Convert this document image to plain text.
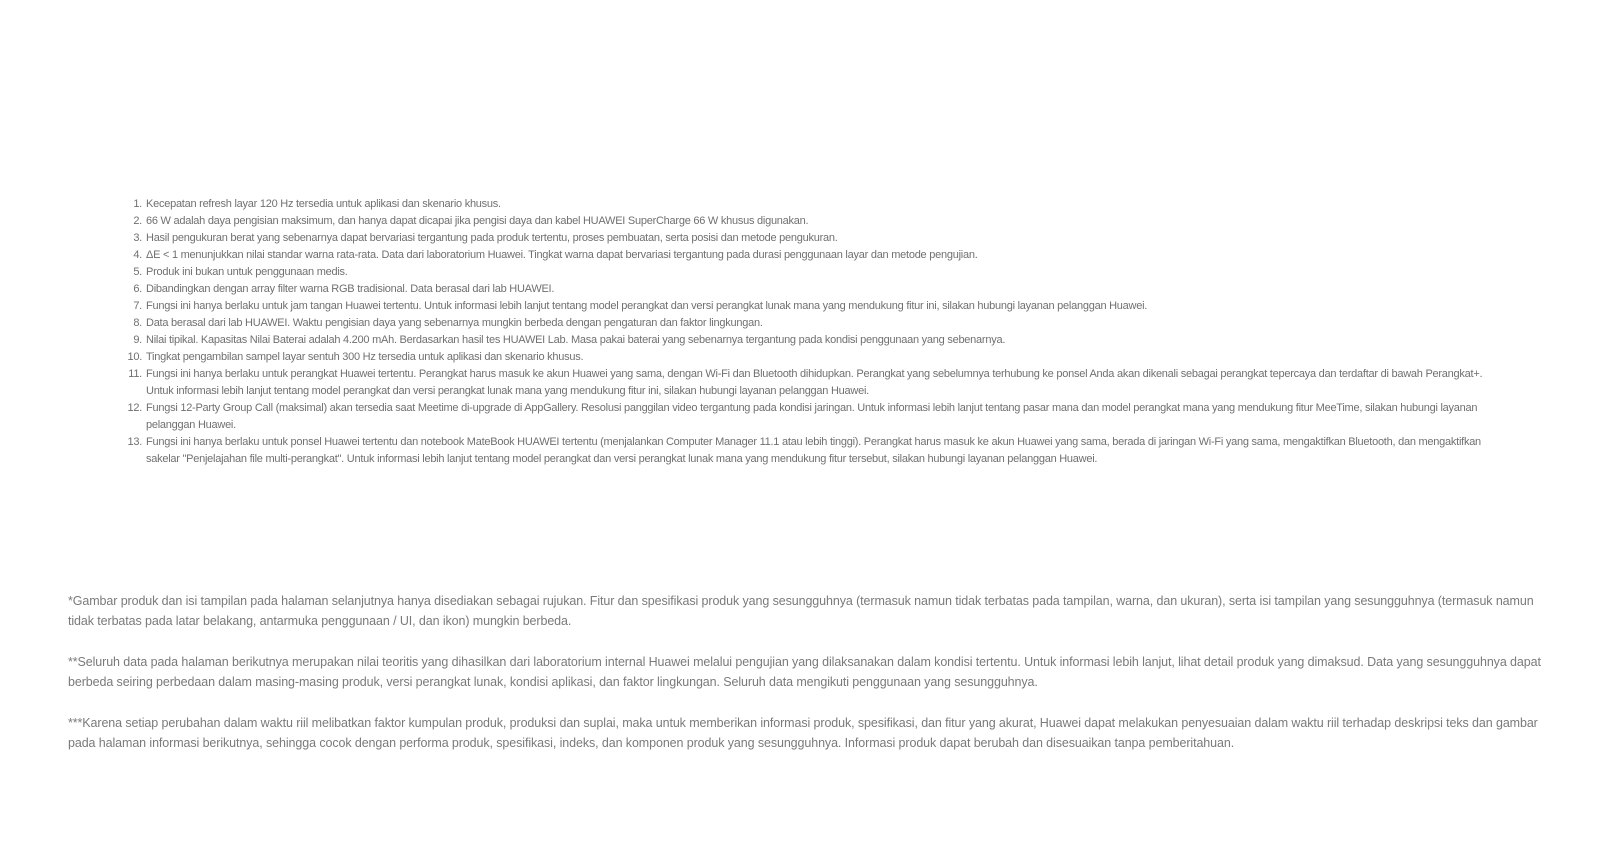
1. Kecepatan refresh layar 120 Hz tersedia untuk aplikasi dan skenario khusus.
2. 66 W adalah daya pengisian maksimum, dan hanya dapat dicapai jika pengisi daya dan kabel HUAWEI SuperCharge 66 W khusus digunakan.
3. Hasil pengukuran berat yang sebenarnya dapat bervariasi tergantung pada produk tertentu, proses pembuatan, serta posisi dan metode pengukuran.
4. ΔE < 1 menunjukkan nilai standar warna rata-rata. Data dari laboratorium Huawei. Tingkat warna dapat bervariasi tergantung pada durasi penggunaan layar dan metode pengujian.
5. Produk ini bukan untuk penggunaan medis.
6. Dibandingkan dengan array filter warna RGB tradisional. Data berasal dari lab HUAWEI.
7. Fungsi ini hanya berlaku untuk jam tangan Huawei tertentu. Untuk informasi lebih lanjut tentang model perangkat dan versi perangkat lunak mana yang mendukung fitur ini, silakan hubungi layanan pelanggan Huawei.
8. Data berasal dari lab HUAWEI. Waktu pengisian daya yang sebenarnya mungkin berbeda dengan pengaturan dan faktor lingkungan.
9. Nilai tipikal. Kapasitas Nilai Baterai adalah 4.200 mAh. Berdasarkan hasil tes HUAWEI Lab. Masa pakai baterai yang sebenarnya tergantung pada kondisi penggunaan yang sebenarnya.
10. Tingkat pengambilan sampel layar sentuh 300 Hz tersedia untuk aplikasi dan skenario khusus.
11. Fungsi ini hanya berlaku untuk perangkat Huawei tertentu. Perangkat harus masuk ke akun Huawei yang sama, dengan Wi-Fi dan Bluetooth dihidupkan. Perangkat yang sebelumnya terhubung ke ponsel Anda akan dikenali sebagai perangkat tepercaya dan terdaftar di bawah Perangkat+. Untuk informasi lebih lanjut tentang model perangkat dan versi perangkat lunak mana yang mendukung fitur ini, silakan hubungi layanan pelanggan Huawei.
12. Fungsi 12-Party Group Call (maksimal) akan tersedia saat Meetime di-upgrade di AppGallery. Resolusi panggilan video tergantung pada kondisi jaringan. Untuk informasi lebih lanjut tentang pasar mana dan model perangkat mana yang mendukung fitur MeeTime, silakan hubungi layanan pelanggan Huawei.
13. Fungsi ini hanya berlaku untuk ponsel Huawei tertentu dan notebook MateBook HUAWEI tertentu (menjalankan Computer Manager 11.1 atau lebih tinggi). Perangkat harus masuk ke akun Huawei yang sama, berada di jaringan Wi-Fi yang sama, mengaktifkan Bluetooth, dan mengaktifkan sakelar "Penjelajahan file multi-perangkat". Untuk informasi lebih lanjut tentang model perangkat dan versi perangkat lunak mana yang mendukung fitur tersebut, silakan hubungi layanan pelanggan Huawei.

*Gambar produk dan isi tampilan pada halaman selanjutnya hanya disediakan sebagai rujukan. Fitur dan spesifikasi produk yang sesungguhnya (termasuk namun tidak terbatas pada tampilan, warna, dan ukuran), serta isi tampilan yang sesungguhnya (termasuk namun tidak terbatas pada latar belakang, antarmuka penggunaan / UI, dan ikon) mungkin berbeda.

**Seluruh data pada halaman berikutnya merupakan nilai teoritis yang dihasilkan dari laboratorium internal Huawei melalui pengujian yang dilaksanakan dalam kondisi tertentu. Untuk informasi lebih lanjut, lihat detail produk yang dimaksud. Data yang sesungguhnya dapat berbeda seiring perbedaan dalam masing-masing produk, versi perangkat lunak, kondisi aplikasi, dan faktor lingkungan. Seluruh data mengikuti penggunaan yang sesungguhnya.

***Karena setiap perubahan dalam waktu riil melibatkan faktor kumpulan produk, produksi dan suplai, maka untuk memberikan informasi produk, spesifikasi, dan fitur yang akurat, Huawei dapat melakukan penyesuaian dalam waktu riil terhadap deskripsi teks dan gambar pada halaman informasi berikutnya, sehingga cocok dengan performa produk, spesifikasi, indeks, dan komponen produk yang sesungguhnya. Informasi produk dapat berubah dan disesuaikan tanpa pemberitahuan.
